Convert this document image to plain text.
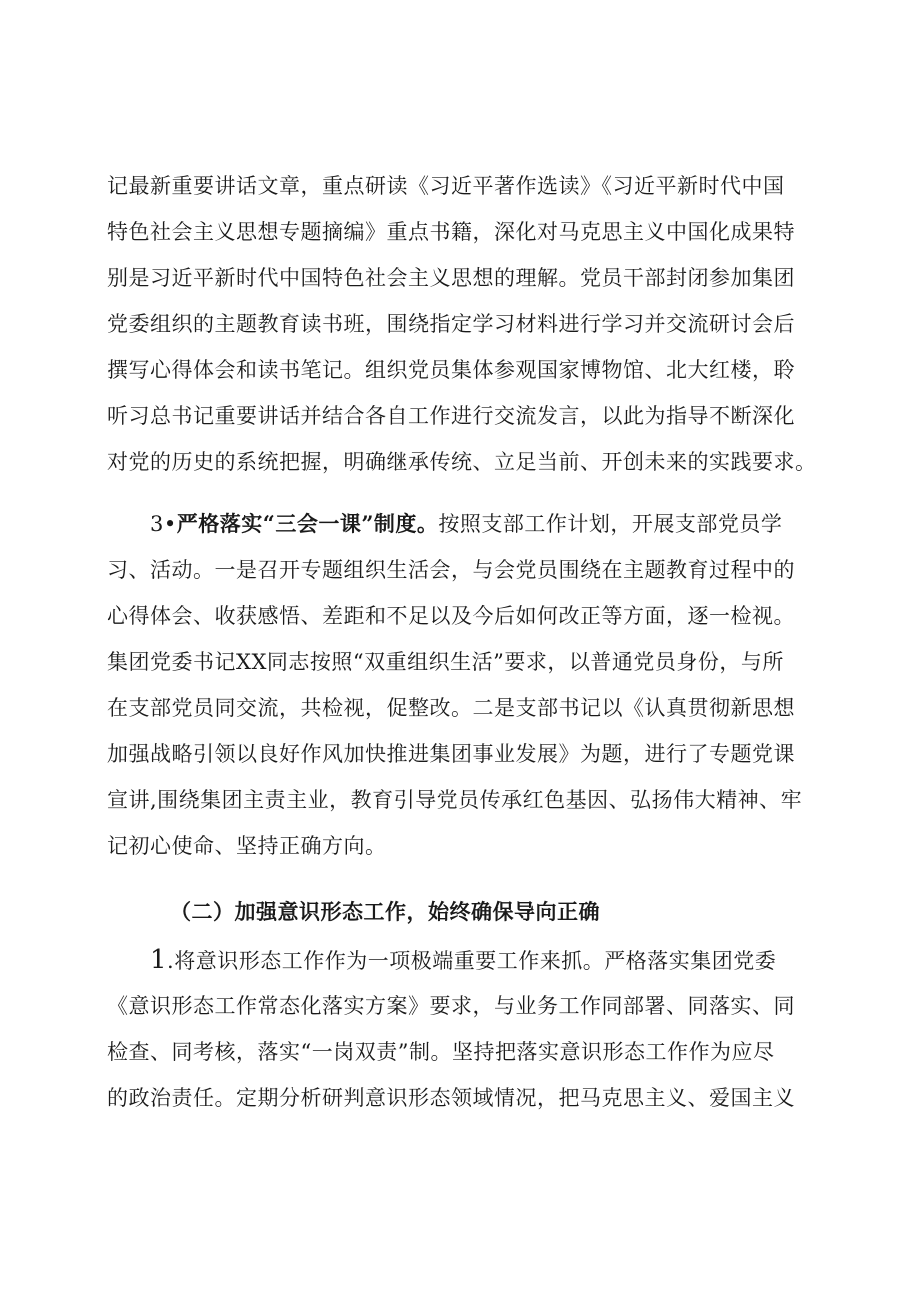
记最新重要讲话文章，重点研读《习近平著作选读》《习近平新时代中国
特色社会主义思想专题摘编》重点书籍，深化对马克思主义中国化成果特
别是习近平新时代中国特色社会主义思想的理解。党员干部封闭参加集团
党委组织的主题教育读书班，围绕指定学习材料进行学习并交流研讨会后
撰写心得体会和读书笔记。组织党员集体参观国家博物馆、北大红楼，聆
听习总书记重要讲话并结合各自工作进行交流发言，以此为指导不断深化
对党的历史的系统把握，明确继承传统、立足当前、开创未来的实践要求。
3•严格落实“三会一课”制度。按照支部工作计划，开展支部党员学
习、活动。一是召开专题组织生活会，与会党员围绕在主题教育过程中的
心得体会、收获感悟、差距和不足以及今后如何改正等方面，逐一检视。
集团党委书记XX同志按照“双重组织生活”要求，以普通党员身份，与所
在支部党员同交流，共检视，促整改。二是支部书记以《认真贯彻新思想
加强战略引领以良好作风加快推进集团事业发展》为题，进行了专题党课
宣讲,围绕集团主责主业，教育引导党员传承红色基因、弘扬伟大精神、牢
记初心使命、坚持正确方向。
（二）加强意识形态工作，始终确保导向正确
1.将意识形态工作作为一项极端重要工作来抓。严格落实集团党委
《意识形态工作常态化落实方案》要求，与业务工作同部署、同落实、同
检查、同考核，落实“一岗双责”制。坚持把落实意识形态工作作为应尽
的政治责任。定期分析研判意识形态领域情况，把马克思主义、爱国主义
